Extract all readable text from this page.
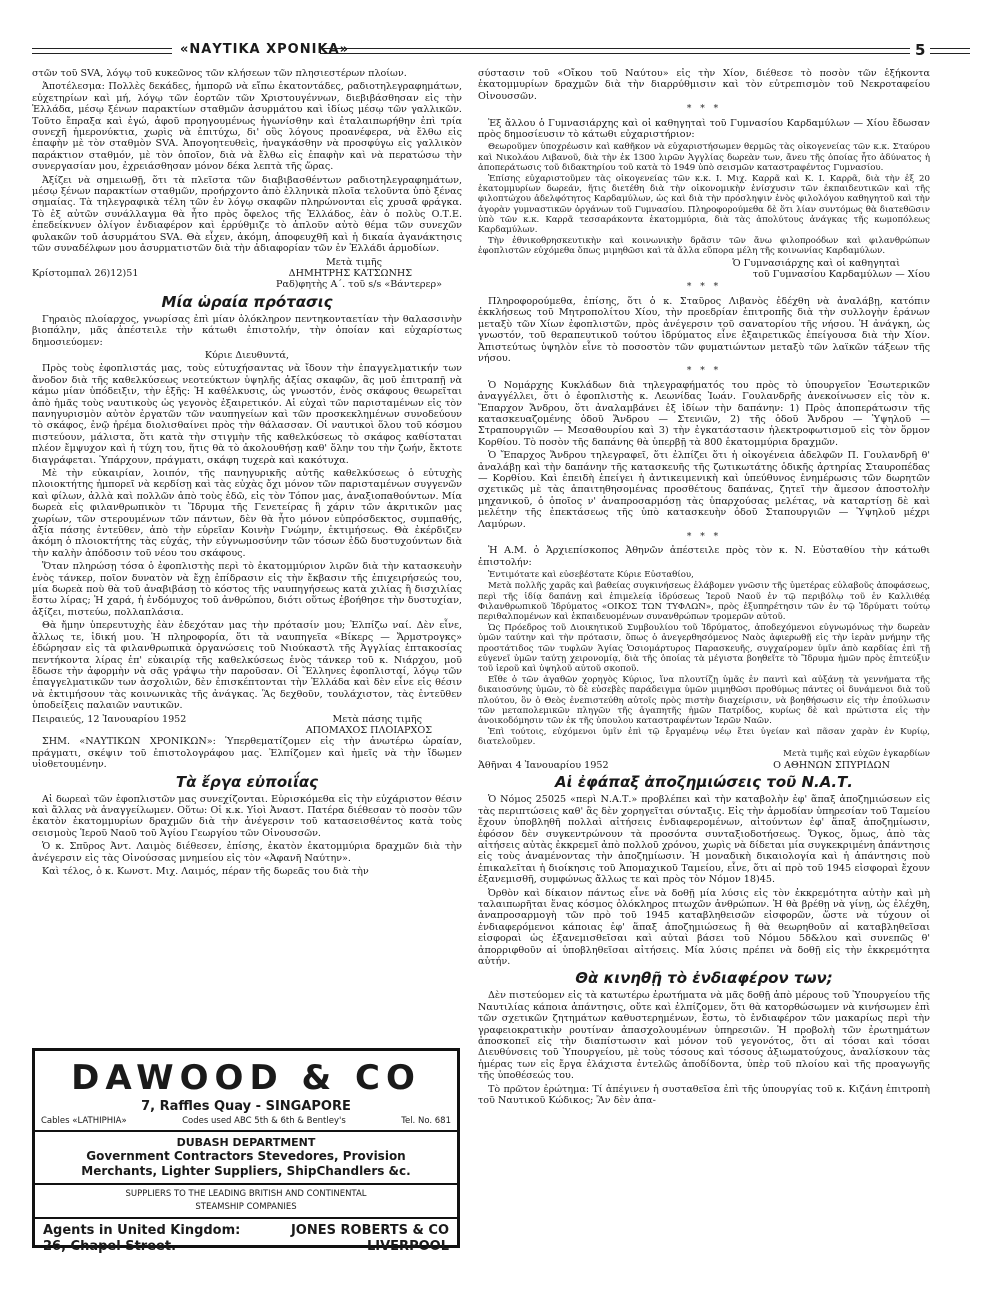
«ΝΑΥΤΙΚΑ ΧΡΟΝΙΚΑ»	5

στῶν τοῦ SVA, λόγῳ τοῦ κυκεῶνος τῶν κλήσεων τῶν πλησιεστέρων πλοίων.

Ἀποτέλεσμα: Πολλὲς δεκάδες, ἡμπορῶ νὰ εἴπω ἑκατοντάδες, ραδιοτηλεγραφημάτων, εὐχετηρίων καὶ μή, λόγῳ τῶν ἑορτῶν τῶν Χριστουγέννων, διεβιβάσθησαν εἰς τὴν Ἑλλάδα, μέσῳ ξένων παρακτίων σταθμῶν ἀσυρμάτου καὶ ἰδίως μέσῳ τῶν γαλλικῶν. Τοῦτο ἔπραξα καὶ ἐγώ, ἀφοῦ προηγουμένως ἠγωνίσθην καὶ ἐταλαιπωρήθην ἐπὶ τρία συνεχῆ ἡμερονύκτια, χωρὶς νὰ ἐπιτύχω, δι' οὓς λόγους προανέφερα, νὰ ἔλθω εἰς ἐπαφὴν μὲ τὸν σταθμὸν SVA. Ἀπογοητευθεὶς, ἠναγκάσθην νὰ προσφύγω εἰς γαλλικὸν παράκτιον σταθμόν, μὲ τὸν ὁποῖον, διὰ νὰ ἔλθω εἰς ἐπαφὴν καὶ νὰ περατώσω τὴν συνεργασίαν μου, ἐχρειάσθησαν μόνον δέκα λεπτὰ τῆς ὥρας.

Ἀξίζει νὰ σημειωθῇ, ὅτι τὰ πλεῖστα τῶν διαβιβασθέντων ραδιοτηλεγραφημάτων, μέσῳ ξένων παρακτίων σταθμῶν, προήρχοντο ἀπὸ ἑλληνικὰ πλοῖα τελοῦντα ὑπὸ ξένας σημαίας. Τὰ τηλεγραφικὰ τέλη τῶν ἐν λόγῳ σκαφῶν πληρώνονται εἰς χρυσᾶ φράγκα. Τὸ ἐξ αὐτῶν συνάλλαγμα θὰ ἦτο πρὸς ὄφελος τῆς Ἑλλάδος, ἐὰν ὁ πολὺς Ο.Τ.Ε. ἐπεδείκνυεν ὀλίγον ἐνδιαφέρον καὶ ἐρρύθμιζε τὸ ἁπλοῦν αὐτὸ θέμα τῶν συνεχῶν φυλακῶν τοῦ ἀσυρμάτου SVA. Θὰ εἶχεν, ἀκόμη, ἀποφευχθῆ καὶ ἡ δικαία ἀγανάκτησις τῶν συναδέλφων μου ἀσυρματιστῶν διὰ τὴν ἀδιαφορίαν τῶν ἐν Ἑλλάδι ἁρμοδίων.

Μετὰ τιμῆς
Κρίστομπαλ 26)12)51	ΔΗΜΗΤΡΗΣ ΚΑΤΣΩΝΗΣ
Ραδ)φητὴς Α΄. τοῦ s/s «Βάντερερ»
Μία ὡραία πρότασις

Γηραιὸς πλοίαρχος, γνωρίσας ἐπὶ μίαν ὁλόκληρον πεντηκονταετίαν τὴν θαλασσινὴν βιοπάλην, μᾶς ἀπέστειλε τὴν κάτωθι ἐπιστολήν, τὴν ὁποίαν καὶ εὐχαρίστως δημοσιεύομεν:

Κύριε Διευθυντά,

Πρὸς τοὺς ἐφοπλιστάς μας, τοὺς εὐτυχήσαντας νὰ ἴδουν τὴν ἐπαγγελματικήν των ἄνοδον διὰ τῆς καθελκύσεως νεοτεύκτων ὑψηλῆς ἀξίας σκαφῶν, ἂς μοῦ ἐπιτραπῇ νὰ κάμω μίαν ὑπόδειξιν, τὴν ἑξῆς: Ἡ καθέλκυσις, ὡς γνωστόν, ἑνὸς σκάφους θεωρεῖται ἀπὸ ἡμᾶς τοὺς ναυτικοὺς ὡς γεγονὸς ἐξαιρετικόν. Αἱ εὐχαὶ τῶν παρισταμένων εἰς τὸν πανηγυρισμὸν αὐτὸν ἐργατῶν τῶν ναυπηγείων καὶ τῶν προσκεκλημένων συνοδεύουν τὸ σκάφος, ἐνῷ ἠρέμα διολισθαίνει πρὸς τὴν θάλασσαν. Οἱ ναυτικοὶ ὅλου τοῦ κόσμου πιστεύουν, μάλιστα, ὅτι κατὰ τὴν στιγμὴν τῆς καθελκύσεως τὸ σκάφος καθίσταται πλέον ἔμψυχον καὶ ἡ τύχη του, ἥτις θὰ τὸ ἀκολουθήσῃ καθ' ὅλην του τὴν ζωήν, ἔκτοτε διαγράφεται. Ὑπάρχουν, πράγματι, σκάφη τυχερὰ καὶ κακότυχα.

Μὲ τὴν εὐκαιρίαν, λοιπόν, τῆς πανηγυρικῆς αὐτῆς καθελκύσεως ὁ εὐτυχὴς πλοιοκτήτης ἠμπορεῖ νὰ κερδίσῃ καὶ τὰς εὐχὰς ὄχι μόνον τῶν παρισταμένων συγγενῶν καὶ φίλων, ἀλλὰ καὶ πολλῶν ἀπὸ τοὺς ἐδῶ, εἰς τὸν Τόπον μας, ἀναξιοπαθούντων. Μία δωρεὰ εἰς φιλανθρωπικὸν τι Ἵδρυμα τῆς Γενετείρας ἢ χάριν τῶν ἀκριτικῶν μας χωρίων, τῶν στερουμένων τῶν πάντων, δὲν θὰ ἦτο μόνον εὐπρόσδεκτος, συμπαθής, ἀξία πάσης ἐντεῦθεν, ἀπὸ τὴν εὐρεῖαν Κοινὴν Γνώμην, ἐκτιμήσεως. Θὰ ἐκέρδιζεν ἀκόμη ὁ πλοιοκτήτης τὰς εὐχάς, τὴν εὐγνωμοσύνην τῶν τόσων ἐδῶ δυστυχούντων διὰ τὴν καλὴν ἀπόδοσιν τοῦ νέου του σκάφους.

Ὅταν πληρώσῃ τόσα ὁ ἐφοπλιστὴς περὶ τὸ ἑκατομμύριον λιρῶν διὰ τὴν κατασκευὴν ἑνὸς τάνκερ, ποῖον δυνατὸν νὰ ἔχῃ ἐπίδρασιν εἰς τὴν ἔκβασιν τῆς ἐπιχειρήσεώς του, μία δωρεὰ ποὺ θὰ τοῦ ἀναβιβάσῃ τὸ κόστος τῆς ναυπηγήσεως κατὰ χιλίας ἢ δισχιλίας ἔστω λίρας; Ἡ χαρά, ἡ ἐνδόμυχος τοῦ ἀνθρώπου, διότι οὕτως ἐβοήθησε τὴν δυστυχίαν, ἀξίζει, πιστεύω, πολλαπλάσια.

Θὰ ἤμην ὑπερευτυχὴς ἐὰν ἐδεχόταν μας τὴν πρότασίν μου; Ἐλπίζω ναί. Δὲν εἶνε, ἄλλως τε, ἰδική μου. Ἡ πληροφορία, ὅτι τὰ ναυπηγεῖα «Βίκερς — Ἄρμστρογκς» ἐδώρησαν εἰς τὰ φιλανθρωπικὰ ὀργανώσεις τοῦ Νιούκαστλ τῆς Ἀγγλίας ἑπτακοσίας πεντήκοντα λίρας ἐπ' εὐκαιρίᾳ τῆς καθελκύσεως ἑνὸς τάνκερ τοῦ κ. Νιάρχου, μοῦ ἔδωσε τὴν ἀφορμὴν νὰ σᾶς γράψω τὴν παροῦσαν. Οἱ Ἕλληνες ἐφοπλισταί, λόγῳ τῶν ἐπαγγελματικῶν των ἀσχολιῶν, δὲν ἐπισκέπτονται τὴν Ἑλλάδα καὶ δὲν εἶνε εἰς θέσιν νὰ ἐκτιμήσουν τὰς κοινωνικὰς τῆς ἀνάγκας. Ἂς δεχθοῦν, τουλάχιστον, τὰς ἐντεῦθεν ὑποδείξεις παλαιῶν ναυτικῶν.

Πειραιεύς, 12 Ἰανουαρίου 1952	Μετὰ πάσης τιμῆς
ΑΠΟΜΑΧΟΣ ΠΛΟΙΑΡΧΟΣ

ΣΗΜ. «ΝΑΥΤΙΚΩΝ ΧΡΟΝΙΚΩΝ»: Ὑπερθεματίζομεν εἰς τὴν ἀνωτέρω ὡραίαν, πράγματι, σκέψιν τοῦ ἐπιστολογράφου μας. Ἐλπίζομεν καὶ ἡμεῖς νὰ τὴν ἴδωμεν υἱοθετουμένην.

Τὰ ἔργα εὐποιΐας

Αἱ δωρεαὶ τῶν ἐφοπλιστῶν μας συνεχίζονται. Εὐρισκόμεθα εἰς τὴν εὐχάριστον θέσιν καὶ ἄλλας νὰ ἀναγγείλωμεν. Οὕτω: Οἱ κ.κ. Υἱοὶ Ἀναστ. Πατέρα διέθεσαν τὸ ποσὸν τῶν ἑκατὸν ἑκατομμυρίων δραχμῶν διὰ τὴν ἀνέγερσιν τοῦ κατασεισθέντος κατὰ τοὺς σεισμοὺς Ἱεροῦ Ναοῦ τοῦ Ἁγίου Γεωργίου τῶν Οἰνουσσῶν.

Ὁ κ. Σπῦρος Ἀντ. Λαιμὸς διέθεσεν, ἐπίσης, ἑκατὸν ἑκατομμύρια δραχμῶν διὰ τὴν ἀνέγερσιν εἰς τὰς Οἰνούσσας μνημείου εἰς τὸν «Ἀφανῆ Ναύτην».

Καὶ τέλος, ὁ κ. Κωνστ. Μιχ. Λαιμός, πέραν τῆς δωρεᾶς του διὰ τὴν

DAWOOD & CO
7, Raffles Quay - SINGAPORE
Cables «LATHIPHIA»	Codes used ABC 5th & 6th & Bentley's	Tel. No. 681
DUBASH DEPARTMENT
Government Contractors Stevedores, Provision
Merchants, Lighter Suppliers, ShipChandlers &c.
SUPPLIERS TO THE LEADING BRITISH AND CONTINENTAL
STEAMSHIP COMPANIES
Agents in United Kingdom:	JONES ROBERTS & CO
26, Chapel Street.	LIVERPOOL

σύστασιν τοῦ «Οἴκου τοῦ Ναύτου» εἰς τὴν Χίον, διέθεσε τὸ ποσὸν τῶν ἑξήκοντα ἑκατομμυρίων δραχμῶν διὰ τὴν διαρρύθμισιν καὶ τὸν εὐτρεπισμὸν τοῦ Νεκροταφείου Οἰνουσσῶν.

* * *

Ἐξ ἄλλου ὁ Γυμνασιάρχης καὶ οἱ καθηγηταὶ τοῦ Γυμνασίου Καρδαμύλων — Χίου ἔδωσαν πρὸς δημοσίευσιν τὸ κάτωθι εὐχαριστήριον:

Θεωροῦμεν ὑποχρέωσιν καὶ καθῆκον νὰ εὐχαριστήσωμεν θερμῶς τὰς οἰκογενείας τῶν κ.κ. Σταύρου καὶ Νικολάου Λιβανοῦ, διὰ τὴν ἐκ 1300 λιρῶν Ἀγγλίας δωρεὰν των, ἄνευ τῆς ὁποίας ἦτο ἀδύνατος ἡ ἀποπεράτωσις τοῦ διδακτηρίου τοῦ κατὰ τὸ 1949 ὑπὸ σεισμῶν καταστραφέντος Γυμνασίου.

Ἐπίσης εὐχαριστοῦμεν τὰς οἰκογενείας τῶν κ.κ. Ι. Μιχ. Καρρᾶ καὶ Κ. Ι. Καρρᾶ, διὰ τὴν ἐξ 20 ἑκατομμυρίων δωρεάν, ἥτις διετέθη διὰ τὴν οἰκονομικὴν ἐνίσχυσιν τῶν ἐκπαιδευτικῶν καὶ τῆς φιλοπτώχου ἀδελφότητος Καρδαμύλων, ὡς καὶ διὰ τὴν πρόσληψιν ἑνὸς φιλολόγου καθηγητοῦ καὶ τὴν ἀγορὰν γυμναστικῶν ὀργάνων τοῦ Γυμνασίου. Πληροφορούμεθα δὲ ὅτι λίαν συντόμως θὰ διατεθῶσιν ὑπὸ τῶν κ.κ. Καρρᾶ τεσσαράκοντα ἑκατομμύρια, διὰ τὰς ἀπολύτους ἀνάγκας τῆς κωμοπόλεως Καρδαμύλων.

Τὴν ἐθνικοθρησκευτικὴν καὶ κοινωνικὴν δρᾶσιν τῶν ἄνω φιλοπροόδων καὶ φιλανθρώπων ἐφοπλιστῶν εὐχόμεθα ὅπως μιμηθῶσι καὶ τὰ ἄλλα εὔπορα μέλη τῆς κοινωνίας Καρδαμύλων.

Ὁ Γυμνασιάρχης καὶ οἱ καθηγηταὶ
τοῦ Γυμνασίου Καρδαμύλων — Χίου
* * *

Πληροφορούμεθα, ἐπίσης, ὅτι ὁ κ. Σταῦρος Λιβανὸς ἐδέχθη νὰ ἀναλάβῃ, κατόπιν ἐκκλήσεως τοῦ Μητροπολίτου Χίου, τὴν προεδρίαν ἐπιτροπῆς διὰ τὴν συλλογὴν ἐράνων μεταξὺ τῶν Χίων ἐφοπλιστῶν, πρὸς ἀνέγερσιν τοῦ σανατορίου τῆς νήσου. Ἡ ἀνάγκη, ὡς γνωστόν, τοῦ θεραπευτικοῦ τούτου ἱδρύματος εἶνε ἐξαιρετικῶς ἐπείγουσα διὰ τὴν Χίον. Ἀπιστεύτως ὑψηλὸν εἶνε τὸ ποσοστὸν τῶν φυματιώντων μεταξὺ τῶν λαϊκῶν τάξεων τῆς νήσου.

* * *

Ὁ Νομάρχης Κυκλάδων διὰ τηλεγραφήματός του πρὸς τὸ ὑπουργεῖον Ἐσωτερικῶν ἀναγγέλλει, ὅτι ὁ ἐφοπλιστὴς κ. Λεωνίδας Ἰωάν. Γουλανδρῆς ἀνεκοίνωσεν εἰς τὸν κ. Ἔπαρχον Ἄνδρου, ὅτι ἀναλαμβάνει ἐξ ἰδίων τὴν δαπάνην: 1) Πρὸς ἀποπεράτωσιν τῆς κατασκευαζομένης ὁδοῦ Ἄνδρου — Στενιῶν, 2) τῆς ὁδοῦ Ἄνδρου — Ὑψηλοῦ — Στραπουργιῶν — Μεσαθουρίου καὶ 3) τὴν ἐγκατάστασιν ἠλεκτροφωτισμοῦ εἰς τὸν ὅρμον Κορθίου. Τὸ ποσὸν τῆς δαπάνης θὰ ὑπερβῇ τὰ 800 ἑκατομμύρια δραχμῶν.

Ὁ Ἔπαρχος Ἄνδρου τηλεγραφεῖ, ὅτι ἐλπίζει ὅτι ἡ οἰκογένεια ἀδελφῶν Π. Γουλανδρῆ θ' ἀναλάβῃ καὶ τὴν δαπάνην τῆς κατασκευῆς τῆς ζωτικωτάτης ὁδικῆς ἀρτηρίας Σταυροπέδας — Κορθίου. Καὶ ἐπειδὴ ἐπείγει ἡ ἀντικειμενικὴ καὶ ὑπεύθυνος ἐνημέρωσις τῶν δωρητῶν σχετικῶς μὲ τὰς ἀπαιτηθησομένας προσθέτους δαπάνας, ζητεῖ τὴν ἄμεσον ἀποστολὴν μηχανικοῦ, ὁ ὁποῖος ν' ἀναπροσαρμόσῃ τὰς ὑπαρχούσας μελέτας, νὰ καταρτίσῃ δὲ καὶ μελέτην τῆς ἐπεκτάσεως τῆς ὑπὸ κατασκευὴν ὁδοῦ Σταπουργιῶν — Ὑψηλοῦ μέχρι Λαμύρων.

* * *

Ἡ Α.Μ. ὁ Ἀρχιεπίσκοπος Ἀθηνῶν ἀπέστειλε πρὸς τὸν κ. Ν. Εὐσταθίου τὴν κάτωθι ἐπιστολήν:

Ἐντιμότατε καὶ εὐσεβέστατε Κύριε Εὐσταθίου,

Μετὰ πολλῆς χαρᾶς καὶ βαθείας συγκινήσεως ἐλάβομεν γνῶσιν τῆς ὑμετέρας εὐλαβοῦς ἀποφάσεως, περὶ τῆς ἰδίᾳ δαπάνῃ καὶ ἐπιμελείᾳ ἱδρύσεως Ἱεροῦ Ναοῦ ἐν τῷ περιβόλῳ τοῦ ἐν Καλλιθέᾳ Φιλανθρωπικοῦ Ἱδρύματος «ΟΙΚΟΣ ΤΩΝ ΤΥΦΛΩΝ», πρὸς ἐξυπηρέτησιν τῶν ἐν τῷ Ἱδρύματι τούτῳ περιθαλπομένων καὶ ἐκπαιδευομένων συνανθρώπων τρομερῶν αὐτοῦ.

Ὡς Πρόεδρος τοῦ Διοικητικοῦ Συμβουλίου τοῦ Ἱδρύματος, ἀποδεχόμενοι εὐγνωμόνως τὴν δωρεὰν ὑμῶν ταύτην καὶ τὴν πρότασιν, ὅπως ὁ ἀνεγερθησόμενος Ναὸς ἀφιερωθῇ εἰς τὴν ἱερὰν μνήμην τῆς προστάτιδος τῶν τυφλῶν Ἁγίας Ὁσιομάρτυρος Παρασκευῆς, συγχαίρομεν ὑμῖν ἀπὸ καρδίας ἐπὶ τῇ εὐγενεῖ ὑμῶν ταύτῃ χειρονομίᾳ, διὰ τῆς ὁποίας τὰ μέγιστα βοηθεῖτε τὸ Ἵδρυμα ἡμῶν πρὸς ἐπιτεύξιν τοῦ ἱεροῦ καὶ ὑψηλοῦ αὐτοῦ σκοποῦ.

Εἴθε ὁ τῶν ἀγαθῶν χορηγὸς Κύριος, ἵνα πλουτίζῃ ὑμᾶς ἐν παντὶ καὶ αὐξάνῃ τὰ γεννήματα τῆς δικαιοσύνης ὑμῶν, τὸ δὲ εὐσεβὲς παράδειγμα ὑμῶν μιμηθῶσι προθύμως πάντες οἱ δυνάμενοι διὰ τοῦ πλούτου, ὃν ὁ Θεὸς ἐνεπιστεύθη αὐτοῖς πρὸς πιστὴν διαχείρισιν, νὰ βοηθήσωσιν εἰς τὴν ἐπούλωσιν τῶν μεταπολεμικῶν πληγῶν τῆς ἀγαπητῆς ἡμῶν Πατρίδος, κυρίως δὲ καὶ πρώτιστα εἰς τὴν ἀνοικοδόμησιν τῶν ἐκ τῆς ὑπουλου καταστραφέντων Ἱερῶν Ναῶν.

Ἐπὶ τούτοις, εὐχόμενοι ὑμῖν ἐπὶ τῷ ἔργαμένῳ νέῳ ἔτει ὑγείαν καὶ πᾶσαν χαρὰν ἐν Κυρίῳ, διατελοῦμεν.

Μετὰ τιμῆς καὶ εὐχῶν ἐγκαρδίων

Ἀθῆναι 4 Ἰανουαρίου 1952	Ο ΑΘΗΝΩΝ ΣΠΥΡΙΔΩΝ
Αἱ ἐφάπαξ ἀποζημιώσεις τοῦ Ν.Α.Τ.

Ὁ Νόμος 25025 «περὶ Ν.Α.Τ.» προβλέπει καὶ τὴν καταβολὴν ἐφ' ἅπαξ ἀποζημιώσεων εἰς τὰς περιπτώσεις καθ' ἃς δὲν χορηγεῖται σύνταξις. Εἰς τὴν ἁρμοδίαν ὑπηρεσίαν τοῦ Ταμείου ἔχουν ὑποβληθῆ πολλαὶ αἰτήσεις ἐνδιαφερομένων, αἰτούντων ἐφ' ἅπαξ ἀποζημίωσιν, ἐφόσον δὲν συγκεντρώνουν τὰ προσόντα συνταξιοδοτήσεως. Ὄγκος, ὅμως, ἀπὸ τὰς αἰτήσεις αὐτὰς ἐκκρεμεῖ ἀπὸ πολλοῦ χρόνου, χωρὶς νὰ δίδεται μία συγκεκριμένη ἀπάντησις εἰς τοὺς ἀναμένοντας τὴν ἀποζημίωσιν. Ἡ μοναδικὴ δικαιολογία καὶ ἡ ἀπάντησις ποὺ ἐπικαλεῖται ἡ διοίκησις τοῦ Ἀπομαχικοῦ Ταμείου, εἶνε, ὅτι αἱ πρὸ τοῦ 1945 εἰσφοραὶ ἔχουν ἐξανεμισθῆ, συμφώνως ἄλλως τε καὶ πρὸς τὸν Νόμον 18)45.

Ὀρθὸν καὶ δίκαιον πάντως εἶνε νὰ δοθῇ μία λύσις εἰς τὸν ἐκκρεμότητα αὐτὴν καὶ μὴ ταλαιπωρῆται ἕνας κόσμος ὁλόκληρος πτωχῶν ἀνθρώπων. Ἡ θὰ βρέθῃ νὰ γίνῃ, ὡς ἐλέχθη, ἀναπροσαρμογὴ τῶν πρὸ τοῦ 1945 καταβληθεισῶν εἰσφορῶν, ὥστε νὰ τύχουν οἱ ἐνδιαφερόμενοι κάποιας ἐφ' ἅπαξ ἀποζημιώσεως ἢ θὰ θεωρηθοῦν αἱ καταβληθεῖσαι εἰσφοραὶ ὡς ἐξανεμισθεῖσαι καὶ αὐταὶ βάσει τοῦ Νόμου 5δ&λου καὶ συνεπῶς θ' ἀπορριφθοῦν αἱ ὑποβληθεῖσαι αἰτήσεις. Μία λύσις πρέπει νὰ δοθῇ εἰς τὴν ἐκκρεμότητα αὐτήν.

Θὰ κινηθῇ τὸ ἐνδιαφέρον των;

Δὲν πιστεύομεν εἰς τὰ κατωτέρω ἐρωτήματα νὰ μᾶς δοθῇ ἀπὸ μέρους τοῦ Ὑπουργείου τῆς Ναυτιλίας κάποια ἀπάντησις, οὔτε καὶ ἐλπίζομεν, ὅτι θὰ κατορθώσωμεν νὰ κινήσωμεν ἐπὶ τῶν σχετικῶν ζητημάτων καθυστερημένων, ἔστω, τὸ ἐνδιαφέρον τῶν μακαρίως περὶ τὴν γραφειοκρατικὴν ρουτίναν ἀπασχολουμένων ὑπηρεσιῶν. Ἡ προβολὴ τῶν ἐρωτημάτων ἀποσκοπεῖ εἰς τὴν διαπίστωσιν καὶ μόνον τοῦ γεγονότος, ὅτι αἱ τόσαι καὶ τόσαι Διευθύνσεις τοῦ Ὑπουργείου, μὲ τοὺς τόσους καὶ τόσους ἀξιωματούχους, ἀναλίσκουν τὰς ἡμέρας των εἰς ἔργα ἐλάχιστα ἐντελῶς ἀποδίδοντα, ὑπὲρ τοῦ πλοίου καὶ τῆς προαγωγῆς τῆς ὑποθέσεώς του.

Τὸ πρῶτον ἐρώτημα: Τί ἀπέγινεν ἡ συσταθεῖσα ἐπὶ τῆς ὑπουργίας τοῦ κ. Κιζάνη ἐπιτροπὴ τοῦ Ναυτικοῦ Κώδικος; Ἂν δὲν ἀπα-
